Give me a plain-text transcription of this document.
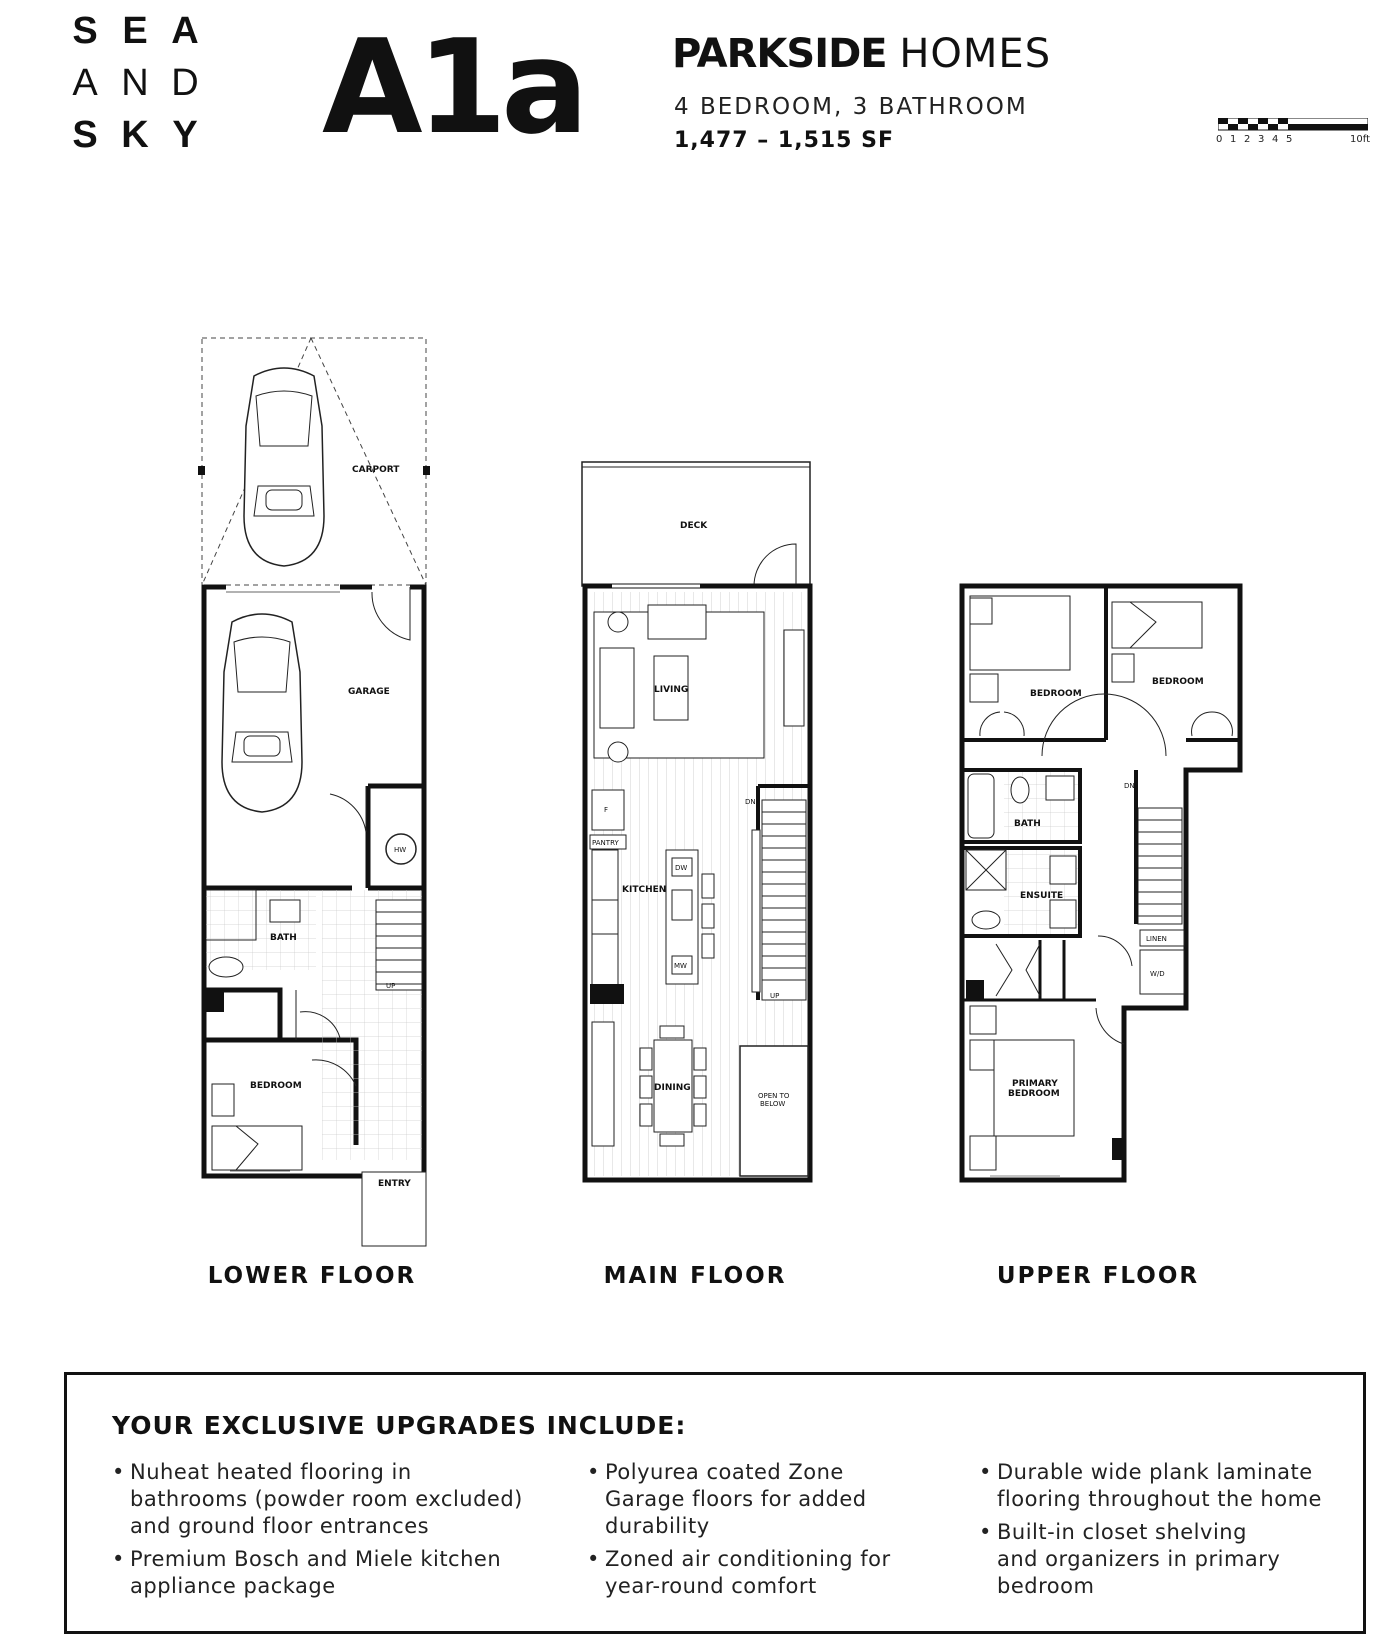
S E A
A N D
S K Y A1a PARKSIDE HOMES
4 BEDROOM, 3 BATHROOM
1,477 – 1,515 SF	0 1 2 3 4 5	10ft
CARPORT
GARAGE
HW
BATH
UP
BEDROOM
ENTRY
DECK
LIVING
F
PANTRY
KITCHEN
DW
MW
DN
UP
DINING
OPEN TO
BELOW
BEDROOM
BEDROOM
BATH
ENSUITE
DN
LINEN
W/D
PRIMARY
BEDROOM
LOWER FLOOR	MAIN FLOOR	UPPER FLOOR
YOUR EXCLUSIVE UPGRADES INCLUDE:
• Nuheat heated flooring in
bathrooms (powder room excluded)
and ground floor entrances
• Premium Bosch and Miele kitchen
appliance package
• Polyurea coated Zone
Garage floors for added
durability
• Zoned air conditioning for
year-round comfort
• Durable wide plank laminate
flooring throughout the home
• Built-in closet shelving
and organizers in primary
bedroom
